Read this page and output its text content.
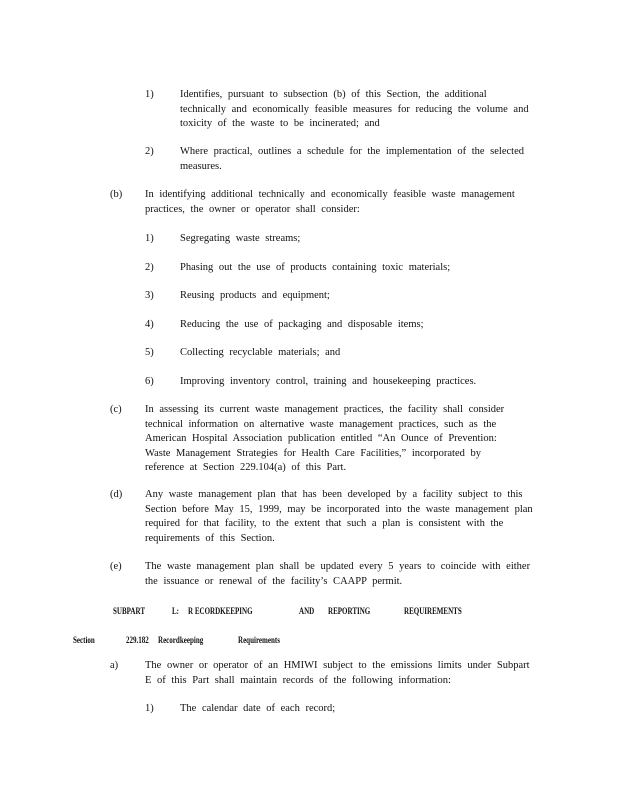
1)	Identifies, pursuant to subsection (b) of this Section, the additional technically and economically feasible measures for reducing the volume and toxicity of the waste to be incinerated; and
2)	Where practical, outlines a schedule for the implementation of the selected measures.
(b) In identifying additional technically and economically feasible waste management practices, the owner or operator shall consider:
1)	Segregating waste streams;
2)	Phasing out the use of products containing toxic materials;
3)	Reusing products and equipment;
4)	Reducing the use of packaging and disposable items;
5)	Collecting recyclable materials; and
6)	Improving inventory control, training and housekeeping practices.
(c) In assessing its current waste management practices, the facility shall consider technical information on alternative waste management practices, such as the American Hospital Association publication entitled “An Ounce of Prevention: Waste Management Strategies for Health Care Facilities,” incorporated by reference at Section 229.104(a) of this Part.
(d) Any waste management plan that has been developed by a facility subject to this Section before May 15, 1999, may be incorporated into the waste management plan required for that facility, to the extent that such a plan is consistent with the requirements of this Section.
(e) The waste management plan shall be updated every 5 years to coincide with either the issuance or renewal of the facility’s CAAPP permit.
SUBPART	L: R ECORDKEEPING	AND REPORTING	REQUIREMENTS
Section	229.182 Recordkeeping	Requirements
a)	The owner or operator of an HMIWI subject to the emissions limits under Subpart E of this Part shall maintain records of the following information:
1)	The calendar date of each record;
